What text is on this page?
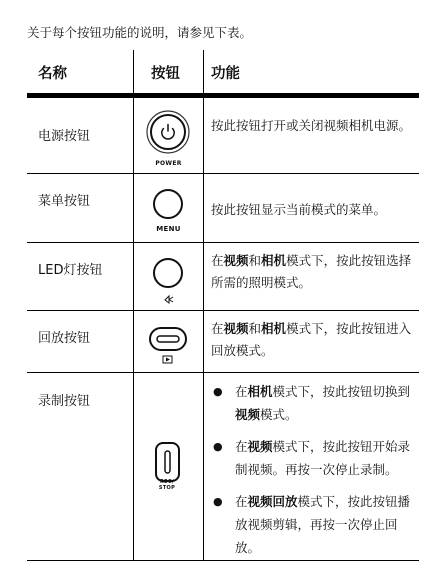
关于每个按钮功能的说明，请参见下表。
名称	按钮 功能
电源按钮
POWER
按此按钮打开或关闭视频相机电源。
菜单按钮
MENU
按此按钮显示当前模式的菜单。
LED灯按钮
在视频和相机模式下，按此按钮选择所需的照明模式。
回放按钮
在视频和相机模式下，按此按钮进入回放模式。
录制按钮
REC/
STOP
● 在相机模式下，按此按钮切换到视频模式。
● 在视频模式下，按此按钮开始录制视频。再按一次停止录制。
● 在视频回放模式下，按此按钮播放视频剪辑，再按一次停止回放。
